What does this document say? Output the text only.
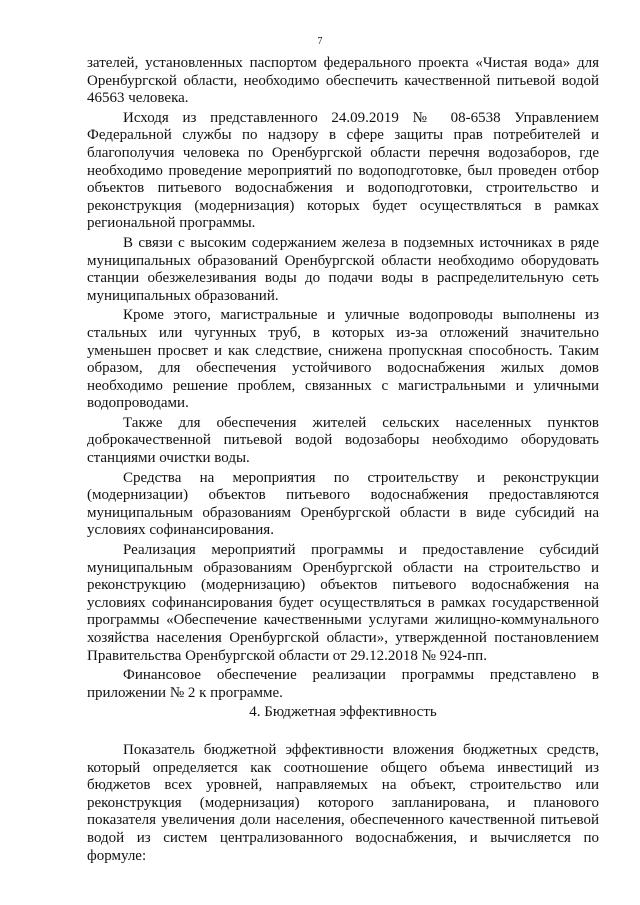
7

зателей, установленных паспортом федерального проекта «Чистая вода» для Оренбургской области, необходимо обеспечить качественной питьевой водой 46563 человека.

Исходя из представленного 24.09.2019 № 08-6538 Управлением Федеральной службы по надзору в сфере защиты прав потребителей и благополучия человека по Оренбургской области перечня водозаборов, где необходимо проведение мероприятий по водоподготовке, был проведен отбор объектов питьевого водоснабжения и водоподготовки, строительство и реконструкция (модернизация) которых будет осуществляться в рамках региональной программы.

В связи с высоким содержанием железа в подземных источниках в ряде муниципальных образований Оренбургской области необходимо оборудовать станции обезжелезивания воды до подачи воды в распределительную сеть муниципальных образований.

Кроме этого, магистральные и уличные водопроводы выполнены из стальных или чугунных труб, в которых из-за отложений значительно уменьшен просвет и как следствие, снижена пропускная способность. Таким образом, для обеспечения устойчивого водоснабжения жилых домов необходимо решение проблем, связанных с магистральными и уличными водопроводами.

Также для обеспечения жителей сельских населенных пунктов доброкачественной питьевой водой водозаборы необходимо оборудовать станциями очистки воды.

Средства на мероприятия по строительству и реконструкции (модернизации) объектов питьевого водоснабжения предоставляются муниципальным образованиям Оренбургской области в виде субсидий на условиях софинансирования.

Реализация мероприятий программы и предоставление субсидий муниципальным образованиям Оренбургской области на строительство и реконструкцию (модернизацию) объектов питьевого водоснабжения на условиях софинансирования будет осуществляться в рамках государственной программы «Обеспечение качественными услугами жилищно-коммунального хозяйства населения Оренбургской области», утвержденной постановлением Правительства Оренбургской области от 29.12.2018 № 924-пп.

Финансовое обеспечение реализации программы представлено в приложении № 2 к программе.

4. Бюджетная эффективность

Показатель бюджетной эффективности вложения бюджетных средств, который определяется как соотношение общего объема инвестиций из бюджетов всех уровней, направляемых на объект, строительство или реконструкция (модернизация) которого запланирована, и планового показателя увеличения доли населения, обеспеченного качественной питьевой водой из систем централизованного водоснабжения, и вычисляется по формуле:
